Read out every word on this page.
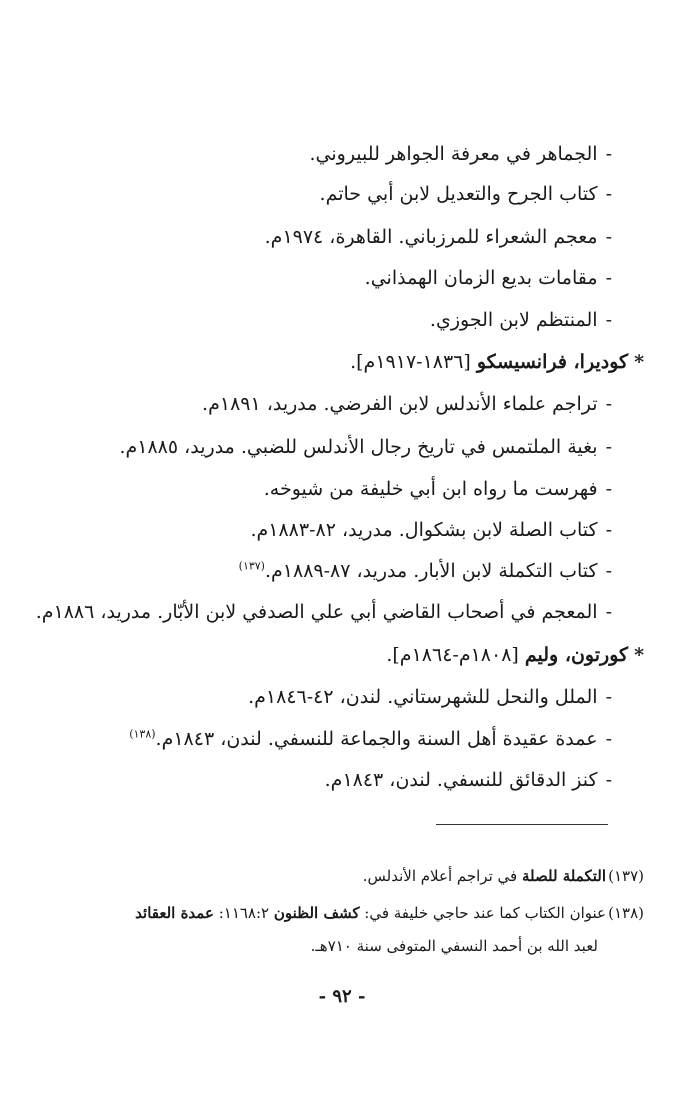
-الجماهر في معرفة الجواهر للبيروني.
-كتاب الجرح والتعديل لابن أبي حاتم.
-معجم الشعراء للمرزباني. القاهرة، ١٩٧٤م.
-مقامات بديع الزمان الهمذاني.
-المنتظم لابن الجوزي.
*كوديرا، فرانسيسكو [١٨٣٦-١٩١٧م].
-تراجم علماء الأندلس لابن الفرضي. مدريد، ١٨٩١م.
-بغية الملتمس في تاريخ رجال الأندلس للضبي. مدريد، ١٨٨٥م.
-فهرست ما رواه ابن أبي خليفة من شيوخه.
-كتاب الصلة لابن بشكوال. مدريد، ٨٢-١٨٨٣م.
-كتاب التكملة لابن الأبار. مدريد، ٨٧-١٨٨٩م.$^{(١٣٧)}$
-المعجم في أصحاب القاضي أبي علي الصدفي لابن الأبّار. مدريد، ١٨٨٦م.
*كورتون، وليم [١٨٠٨م-١٨٦٤م].
-الملل والنحل للشهرستاني. لندن، ٤٢-١٨٤٦م.
-عمدة عقيدة أهل السنة والجماعة للنسفي. لندن، ١٨٤٣م.$^{(١٣٨)}$
-كنز الدقائق للنسفي. لندن، ١٨٤٣م.
(١٣٧)التكملة للصلة في تراجم أعلام الأندلس.
(١٣٨)عنوان الكتاب كما عند حاجي خليفة في: كشف الظنون ١١٦٨:٢: عمدة العقائد
لعبد الله بن أحمد النسفي المتوفى سنة ٧١٠هـ.
- ٩٢ -
